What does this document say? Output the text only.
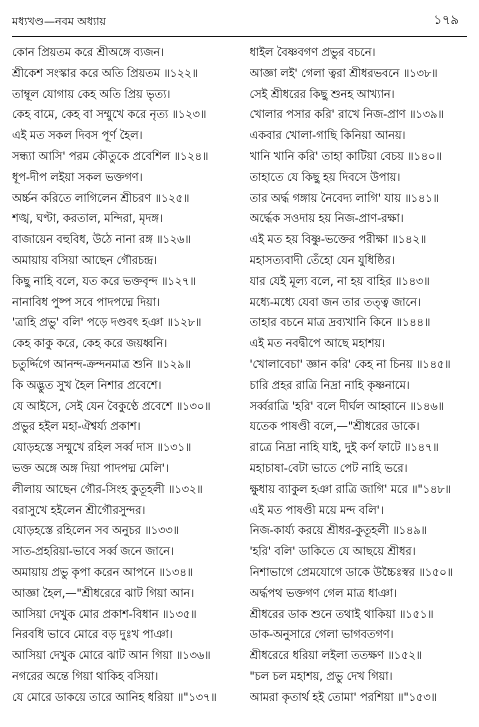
মধ্যখণ্ড—নবম অধ্যায়	১৭৯
কোন প্রিয়তম করে শ্রীঅঙ্গে ব্যজন।
শ্রীকেশ সংস্কার করে অতি প্রিয়তম ॥১২২॥
তাম্বূল যোগায় কেহ অতি প্রিয় ভৃত্য।
কেহ বামে, কেহ বা সম্মুখে করে নৃত্য ॥১২৩॥
এই মত সকল দিবস পূর্ণ হৈল।
সন্ধ্যা আসি' পরম কৌতুকে প্রবেশিল ॥১২৪॥
ধূপ-দীপ লইয়া সকল ভক্তগণ।
অর্চ্চন করিতে লাগিলেন শ্রীচরণ ॥১২৫॥
শঙ্খ, ঘণ্টা, করতাল, মন্দিরা, মৃদঙ্গ।
বাজায়েন বহুবিধ, উঠে নানা রঙ্গ ॥১২৬॥
অমায়ায় বসিয়া আছেন গৌরচন্দ্র।
কিছু নাহি বলে, যত করে ভক্তবৃন্দ ॥১২৭॥
নানাবিধ পুষ্প সবে পাদপদ্মে দিয়া।
'ত্রাহি প্রভু' বলি' পড়ে দণ্ডবৎ হঞা ॥১২৮॥
কেহ কাকু করে, কেহ করে জয়ধ্বনি।
চতুর্দ্দিগে আনন্দ-ক্রন্দনমাত্র শুনি ॥১২৯॥
কি অদ্ভুত সুখ হৈল নিশার প্রবেশে।
যে আইসে, সেই যেন বৈকুণ্ঠে প্রবেশে ॥১৩০॥
প্রভুর হইল মহা-ঐশ্বর্য্য প্রকাশ।
যোড়হস্তে সম্মুখে রহিল সর্ব্ব দাস ॥১৩১॥
ভক্ত অঙ্গে অঙ্গ দিয়া পাদপদ্ম মেলি'।
লীলায় আছেন গৌর-সিংহ কুতূহলী ॥১৩২॥
বরাসুখে হইলেন শ্রীগৌরসুন্দর।
যোড়হস্তে রহিলেন সব অনুচর ॥১৩৩॥
সাত-প্রহরিয়া-ভাবে সর্ব্ব জনে জানে।
অমায়ায় প্রভু কৃপা করেন আপনে ॥১৩৪॥
আজ্ঞা হৈল,—"শ্রীধরেরে ঝাট গিয়া আন।
আসিয়া দেখুক মোর প্রকাশ-বিধান ॥১৩৫॥
নিরবধি ভাবে মোরে বড় দুঃখ পাঞা।
আসিয়া দেখুক মোরে ঝাট আন গিয়া ॥১৩৬॥
নগরের অন্তে গিয়া থাকিহ বসিয়া।
যে মোরে ডাকয়ে তারে আনিহ ধরিয়া ॥"১৩৭॥
ধাইল বৈষ্ণবগণ প্রভুর বচনে।
আজ্ঞা লই' গেলা ত্বরা শ্রীধরভবনে ॥১৩৮॥
সেই শ্রীধরের কিছু শুনহ আখ্যান।
খোলার পসার করি' রাখে নিজ-প্রাণ ॥১৩৯॥
একবার খোলা-গাছি কিনিয়া আনয়।
খানি খানি করি' তাহা কাটিয়া বেচয় ॥১৪০॥
তাহাতে যে কিছু হয় দিবসে উপায়।
তার অর্দ্ধ গঙ্গায় নৈবেদ্য লাগি' যায় ॥১৪১॥
অর্দ্ধেক সওদায় হয় নিজ-প্রাণ-রক্ষা।
এই মত হয় বিষ্ণু-ভক্তের পরীক্ষা ॥১৪২॥
মহাসত্যবাদী তেঁহো যেন যুধিষ্ঠির।
যার যেই মূল্য বলে, না হয় বাহির ॥১৪৩॥
মধ্যে-মধ্যে যেবা জন তার তত্ত্ব জানে।
তাহার বচনে মাত্র দ্রব্যখানি কিনে ॥১৪৪॥
এই মত নবদ্বীপে আছে মহাশয়।
'খোলাবেচা' জ্ঞান করি' কেহ না চিনয় ॥১৪৫॥
চারি প্রহর রাত্রি নিদ্রা নাহি কৃষ্ণনামে।
সর্ব্বরাত্রি 'হরি' বলে দীর্ঘল আহ্বানে ॥১৪৬॥
যতেক পাষণ্ডী বলে,—"শ্রীধরের ডাকে।
রাত্রে নিদ্রা নাহি যাই, দুই কর্ণ ফাটে ॥১৪৭॥
মহাচাষা-বেটা ভাতে পেট নাহি ভরে।
ক্ষুধায় ব্যাকুল হঞা রাত্রি জাগি' মরে ॥"১৪৮॥
এই মত পাষণ্ডী ময়ে মন্দ বলি'।
নিজ-কার্য্য করয়ে শ্রীধর-কুতূহলী ॥১৪৯॥
'হরি' বলি' ডাকিতে যে আছয়ে শ্রীধর।
নিশাভাগে প্রেমযোগে ডাকে উচ্চৈঃস্বর ॥১৫০॥
অর্দ্ধপথ ভক্তগণ গেল মাত্র ধাঞা।
শ্রীধরের ডাক শুনে তথাই থাকিয়া ॥১৫১॥
ডাক-অনুসারে গেলা ভাগবতগণ।
শ্রীধরেরে ধরিয়া লইলা ততক্ষণ ॥১৫২॥
"চল চল মহাশয়, প্রভু দেখ গিয়া।
আমরা কৃতার্থ হই তোমা' পরশিয়া ॥"১৫৩॥
